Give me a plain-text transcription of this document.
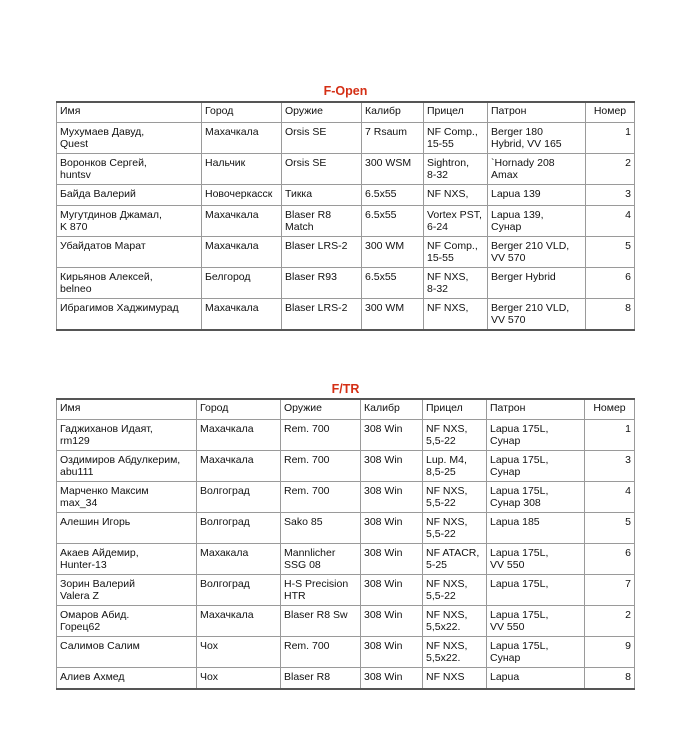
F-Open
Имя	Город	Оружие	Калибр	Прицел	Патрон	Номер
Мухумаев Давуд,
Quest	Махачкала	Orsis SE	7 Rsaum	NF Comp.,
15-55	Berger 180
Hybrid, VV 165	1
Воронков Сергей,
huntsv	Нальчик	Orsis SE	300 WSM	Sightron,
8-32	`Hornady 208
Amax	2
Байда Валерий	Новочеркасск	Тикка	6.5x55	NF NXS,	Lapua 139	3
Мугутдинов Джамал,
K 870	Махачкала	Blaser R8
Match	6.5x55	Vortex PST,
6-24	Lapua 139,
Сунар	4
Убайдатов Марат	Махачкала	Blaser LRS-2	300 WM	NF Comp.,
15-55	Berger 210 VLD,
VV 570	5
Кирьянов Алексей,
belneo	Белгород	Blaser R93	6.5x55	NF NXS,
8-32	Berger Hybrid	6
Ибрагимов Хаджимурад	Махачкала	Blaser LRS-2	300 WM	NF NXS,	Berger 210 VLD,
VV 570	8
F/TR
Имя	Город	Оружие	Калибр	Прицел	Патрон	Номер
Гаджиханов Идаят,
rm129	Махачкала	Rem. 700	308 Win	NF NXS,
5,5-22	Lapua 175L,
Сунар	1
Оздимиров Абдулкерим,
abu111	Махачкала	Rem. 700	308 Win	Lup. M4,
8,5-25	Lapua 175L,
Сунар	3
Марченко Максим
max_34	Волгоград	Rem. 700	308 Win	NF NXS,
5,5-22	Lapua 175L,
Сунар 308	4
Алешин Игорь	Волгоград	Sako 85	308 Win	NF NXS,
5,5-22	Lapua 185	5
Акаев Айдемир,
Hunter-13	Махакала	Mannlicher
SSG 08	308 Win	NF ATACR,
5-25	Lapua 175L,
VV 550	6
Зорин Валерий
Valera Z	Волгоград	H-S Precision
HTR	308 Win	NF NXS,
5,5-22	Lapua 175L,	7
Омаров Абид.
Горец62	Махачкала	Blaser R8 Sw	308 Win	NF NXS,
5,5x22.	Lapua 175L,
VV 550	2
Салимов Салим	Чох	Rem. 700	308 Win	NF NXS,
5,5x22.	Lapua 175L,
Сунар	9
Алиев Ахмед	Чох	Blaser R8	308 Win	NF NXS	Lapua	8
